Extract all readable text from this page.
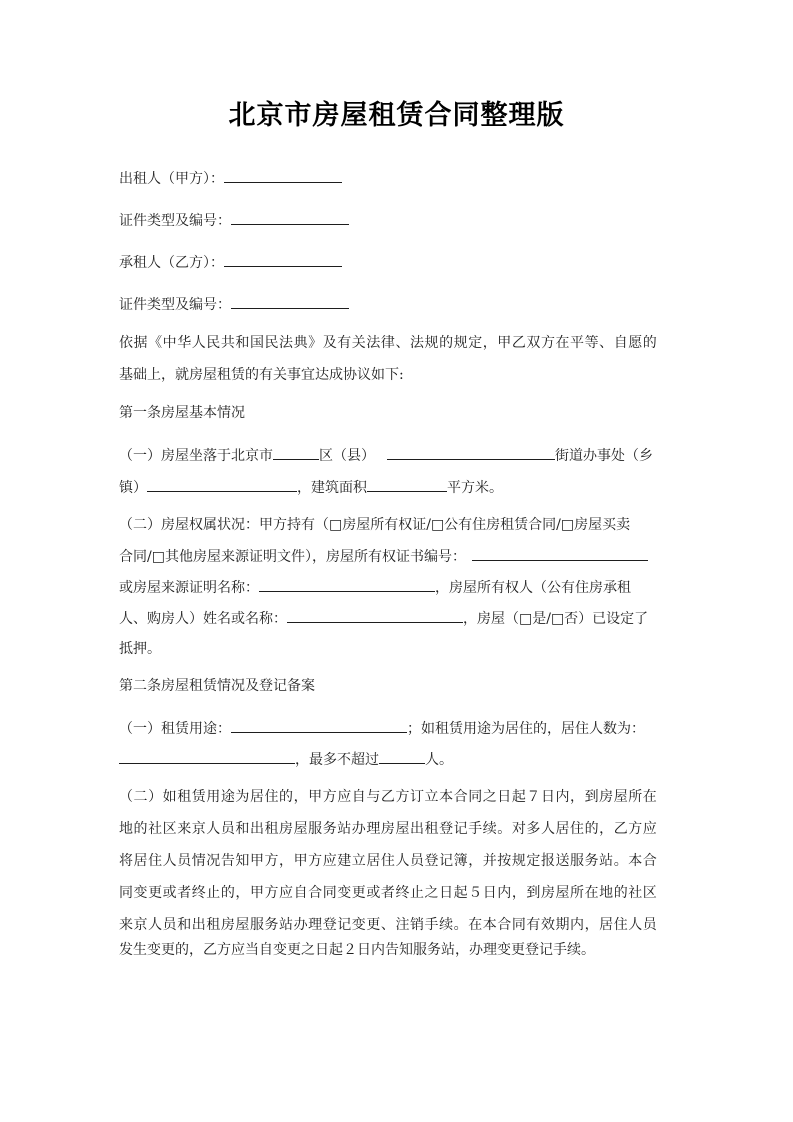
北京市房屋租赁合同整理版
出租人（甲方）：
证件类型及编号：
承租人（乙方）：
证件类型及编号：
依据《中华人民共和国民法典》及有关法律、法规的规定，甲乙双方在平等、自愿的
基础上，就房屋租赁的有关事宜达成协议如下:
第一条房屋基本情况
（一）房屋坐落于北京市	区（县）	街道办事处（乡
镇）	，建筑面积	平方米。
（二）房屋权属状况：甲方持有（□房屋所有权证/□公有住房租赁合同/□房屋买卖
合同/□其他房屋来源证明文件），房屋所有权证书编号：
或房屋来源证明名称：	，房屋所有权人（公有住房承租
人、购房人）姓名或名称：	，房屋（□是/□否）已设定了
抵押。
第二条房屋租赁情况及登记备案
（一）租赁用途：	；如租赁用途为居住的，居住人数为：
，最多不超过	人。
（二）如租赁用途为居住的，甲方应自与乙方订立本合同之日起７日内，到房屋所在
地的社区来京人员和出租房屋服务站办理房屋出租登记手续。对多人居住的，乙方应
将居住人员情况告知甲方，甲方应建立居住人员登记簿，并按规定报送服务站。本合
同变更或者终止的，甲方应自合同变更或者终止之日起５日内，到房屋所在地的社区
来京人员和出租房屋服务站办理登记变更、注销手续。在本合同有效期内，居住人员
发生变更的，乙方应当自变更之日起２日内告知服务站，办理变更登记手续。
